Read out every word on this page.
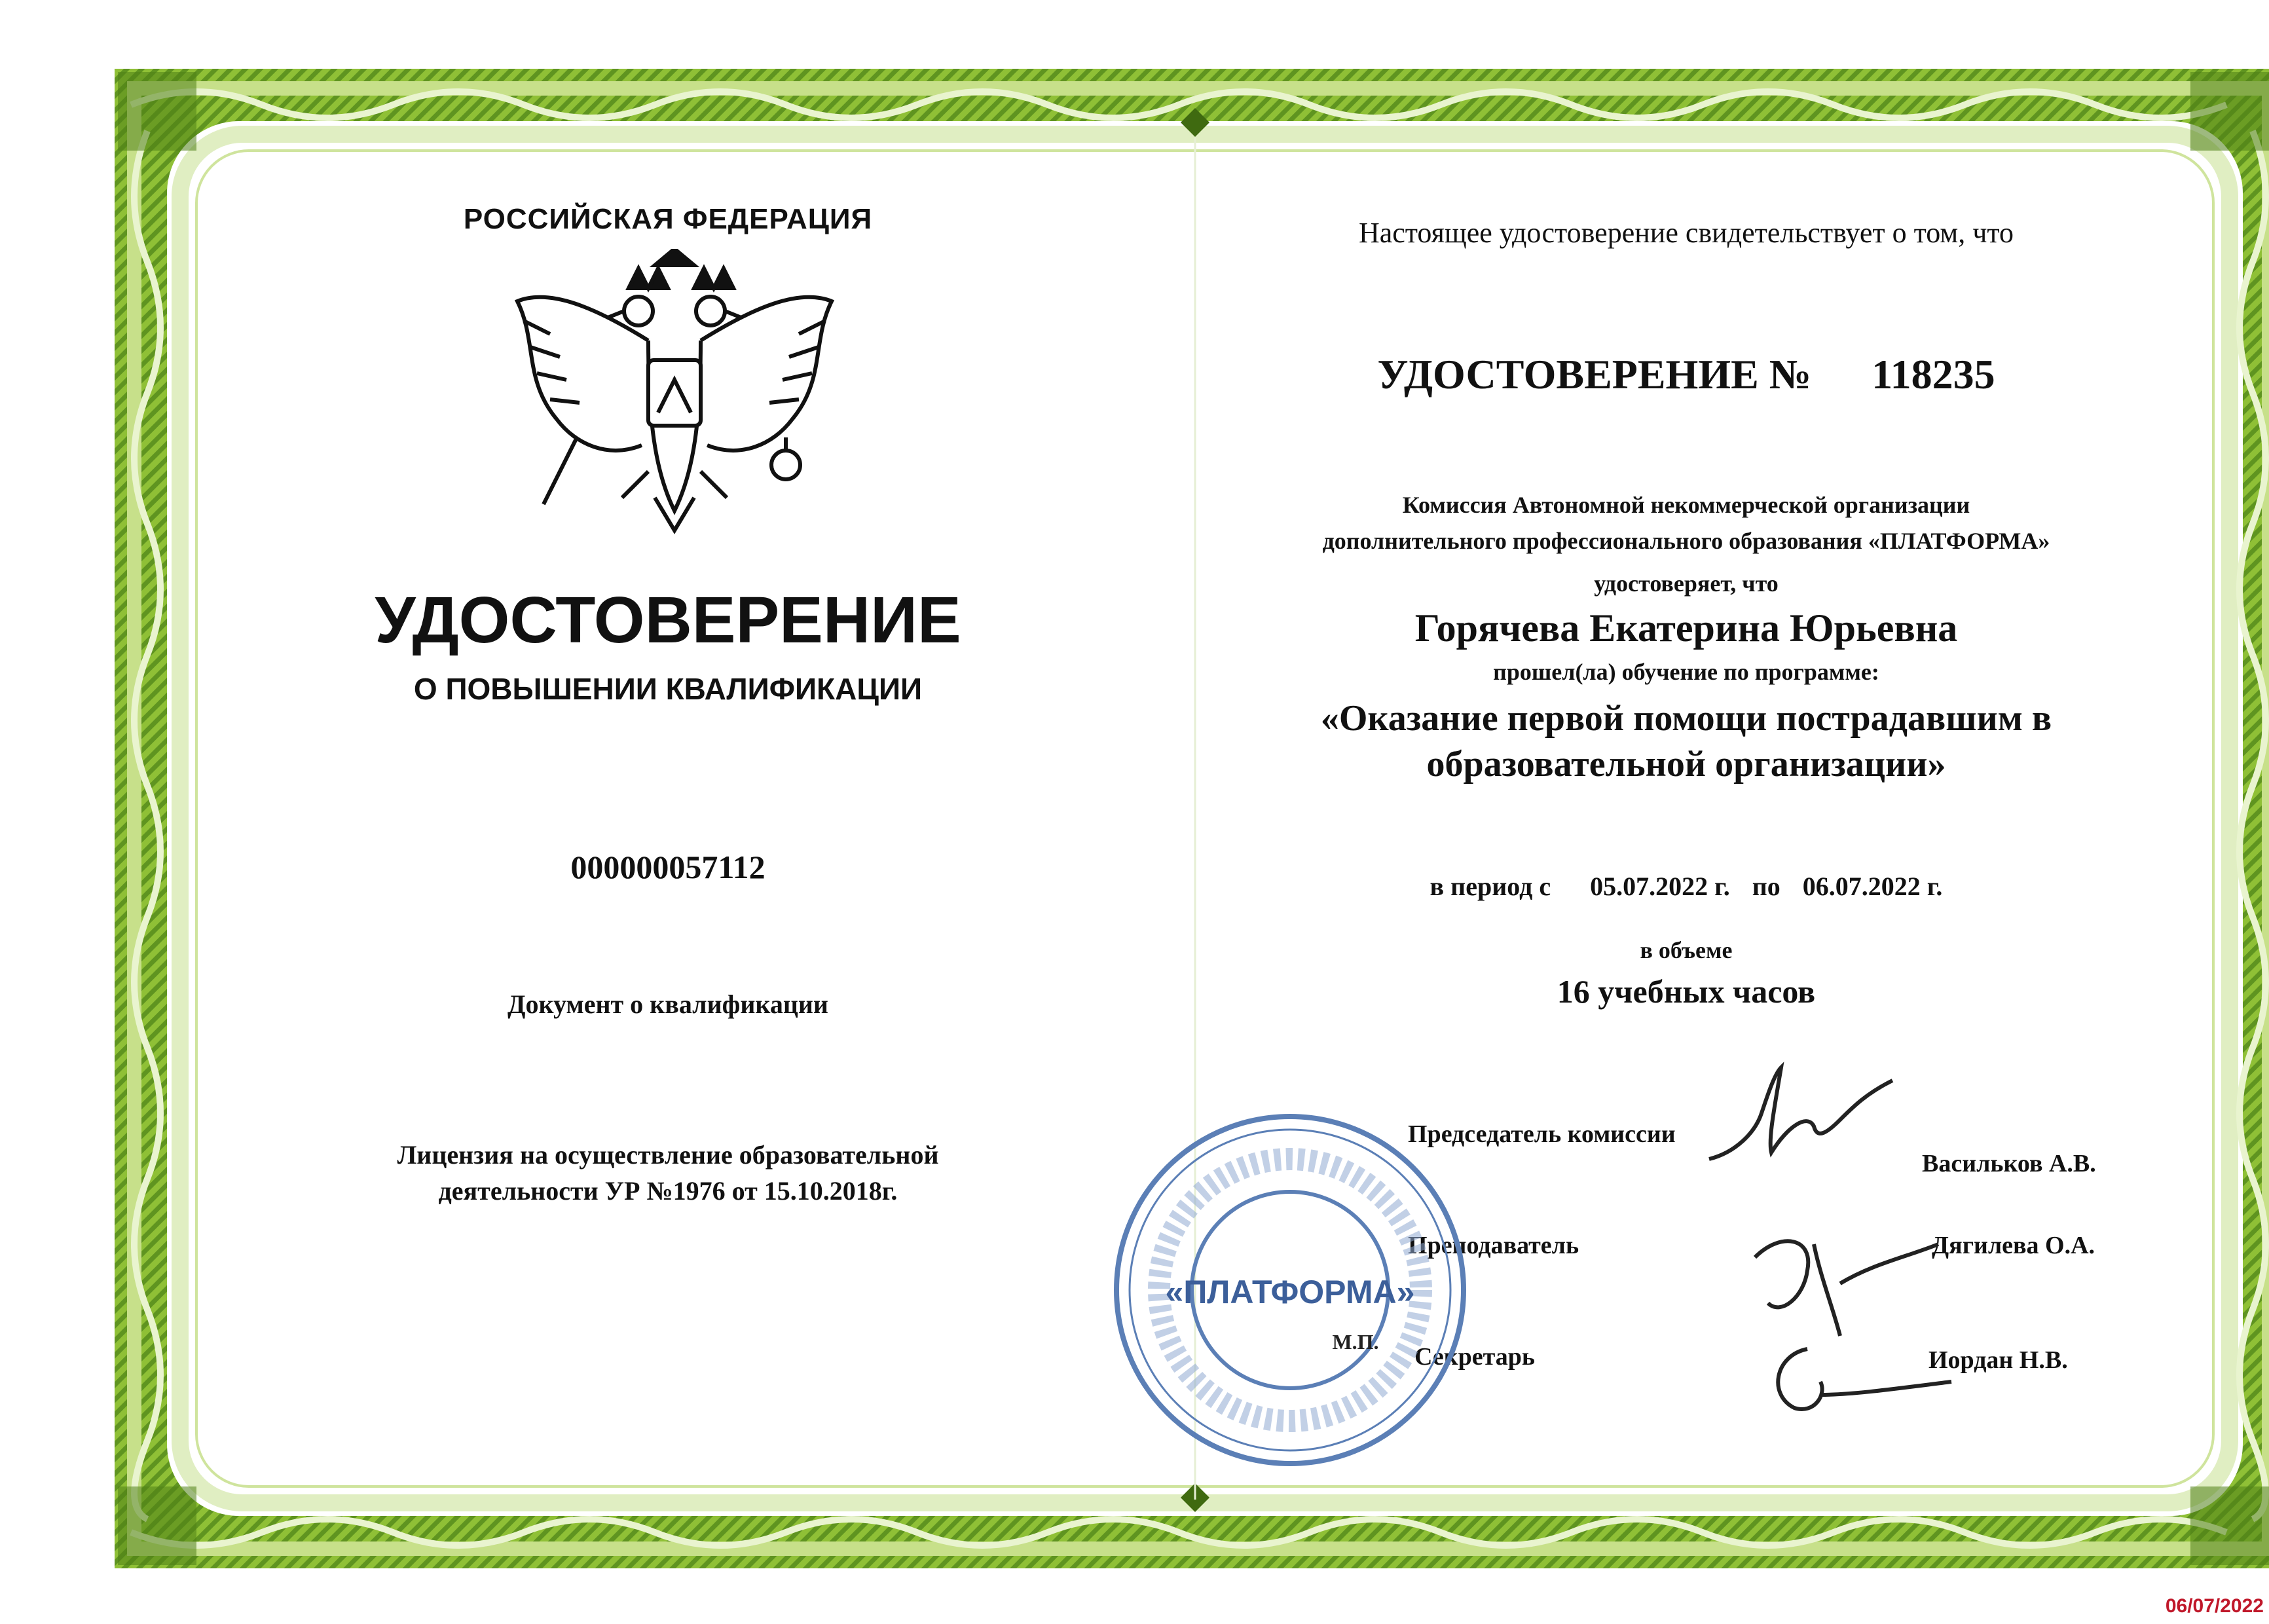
РОССИЙСКАЯ ФЕДЕРАЦИЯ
УДОСТОВЕРЕНИЕ
О ПОВЫШЕНИИ КВАЛИФИКАЦИИ
000000057112
Документ о квалификации
Лицензия на осуществление образовательной
деятельности УР №1976 от 15.10.2018г.
Настоящее удостоверение свидетельствует о том, что
УДОСТОВЕРЕНИЕ № 118235
Комиссия Автономной некоммерческой организации
дополнительного профессионального образования «ПЛАТФОРМА»
удостоверяет, что
Горячева Екатерина Юрьевна
прошел(ла) обучение по программе:
«Оказание первой помощи пострадавшим в
образовательной организации»
в период с 05.07.2022 г. по 06.07.2022 г.
в объеме
16 учебных часов
Председатель комиссии
Васильков А.В.
Преподаватель	Дягилева О.А.
Секретарь	Иордан Н.В.
«ПЛАТФОРМА»
М.П.
06/07/2022
